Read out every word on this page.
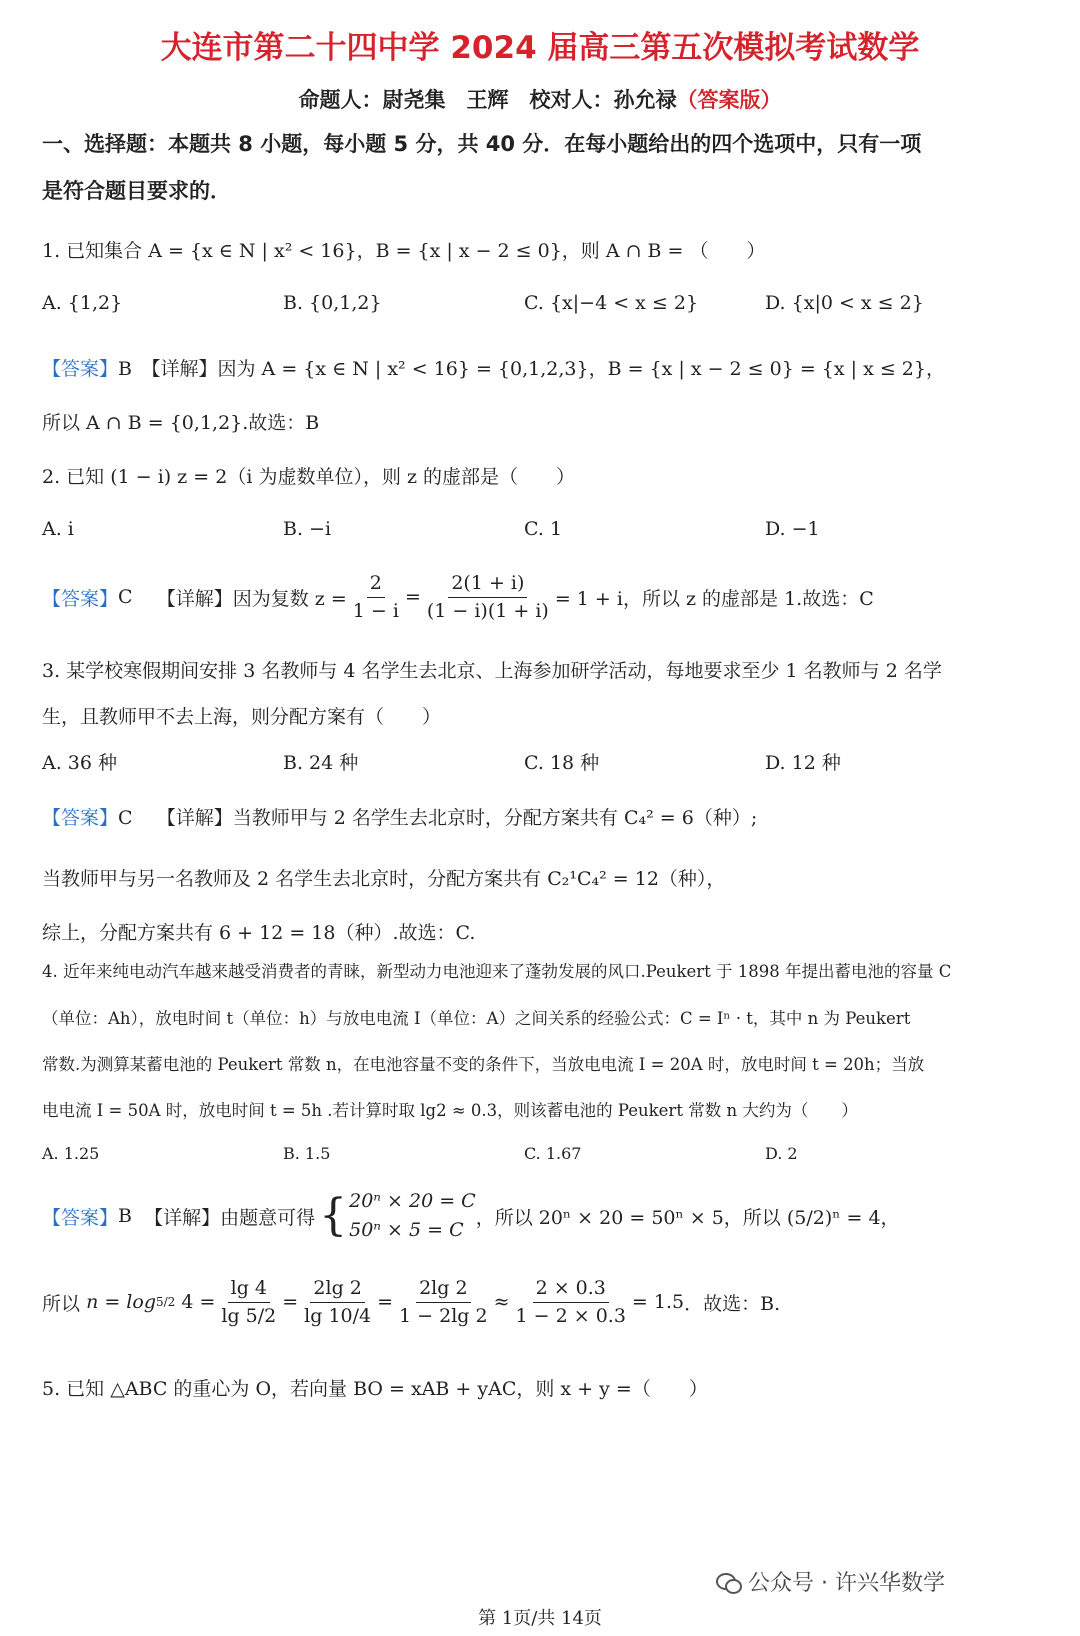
大连市第二十四中学 2024 届高三第五次模拟考试数学
命题人：尉尧集　王辉　校对人：孙允禄（答案版）
一、选择题：本题共 8 小题，每小题 5 分，共 40 分．在每小题给出的四个选项中，只有一项
是符合题目要求的．
1. 已知集合 A = {x ∈ N | x² < 16}，B = {x | x − 2 ≤ 0}，则 A ∩ B = （　　）
A. {1,2}	B. {0,1,2}	C. {x|−4 < x ≤ 2}	D. {x|0 < x ≤ 2}
【答案】B　 【详解】因为 A = {x ∈ N | x² < 16} = {0,1,2,3}，B = {x | x − 2 ≤ 0} = {x | x ≤ 2}，
所以 A ∩ B = {0,1,2}.故选：B
2. 已知 (1 − i) z = 2（i 为虚数单位），则 z 的虚部是（　　）
A. i	B. −i	C. 1	D. −1
【答案】 C
【详解】 因为复数 $z = \frac{2}{1 - i} = \frac{2(1 + i)}{(1 - i)(1 + i)} = 1 + i$，所以 z 的虚部是 1.故选：C
3. 某学校寒假期间安排 3 名教师与 4 名学生去北京、上海参加研学活动，每地要求至少 1 名教师与 2 名学
生，且教师甲不去上海，则分配方案有（　　）
A. 36 种	B. 24 种	C. 18 种	D. 12 种
【答案】C 【详解】当教师甲与 2 名学生去北京时，分配方案共有 C₄² = 6（种）;
当教师甲与另一名教师及 2 名学生去北京时，分配方案共有 C₂¹C₄² = 12（种），
综上，分配方案共有 6 + 12 = 18（种）.故选：C.
4. 近年来纯电动汽车越来越受消费者的青睐，新型动力电池迎来了蓬勃发展的风口.Peukert 于 1898 年提出蓄电池的容量 C
（单位：Ah），放电时间 t（单位：h）与放电电流 I（单位：A）之间关系的经验公式：C = Iⁿ · t，其中 n 为 Peukert
常数.为测算某蓄电池的 Peukert 常数 n，在电池容量不变的条件下，当放电电流 I = 20A 时，放电时间 t = 20h；当放
电电流 I = 50A 时，放电时间 t = 5h .若计算时取 lg2 ≈ 0.3，则该蓄电池的 Peukert 常数 n 大约为（　　）
A. 1.25	B. 1.5	C. 1.67	D. 2
【答案】 B
【详解】 由题意可得 { 20ⁿ × 20 = C
50ⁿ × 5 = C
，所以 20ⁿ × 20 = 50ⁿ × 5，所以 (5/2)ⁿ = 4，
所以
n = log 5/2 $4 = \frac{\lg 4}{\lg 5/2} = \frac{2\lg 2}{\lg 10/4} = \frac{2\lg 2}{1 - 2\lg 2} \approx \frac{2 \times 0.3}{1 - 2 \times 0.3} = 1.5$ ．故选：B.
5. 已知 △ABC 的重心为 O，若向量 BO = xAB + yAC，则 x + y =（　　）
公众号 · 许兴华数学
第 1页/共 14页
